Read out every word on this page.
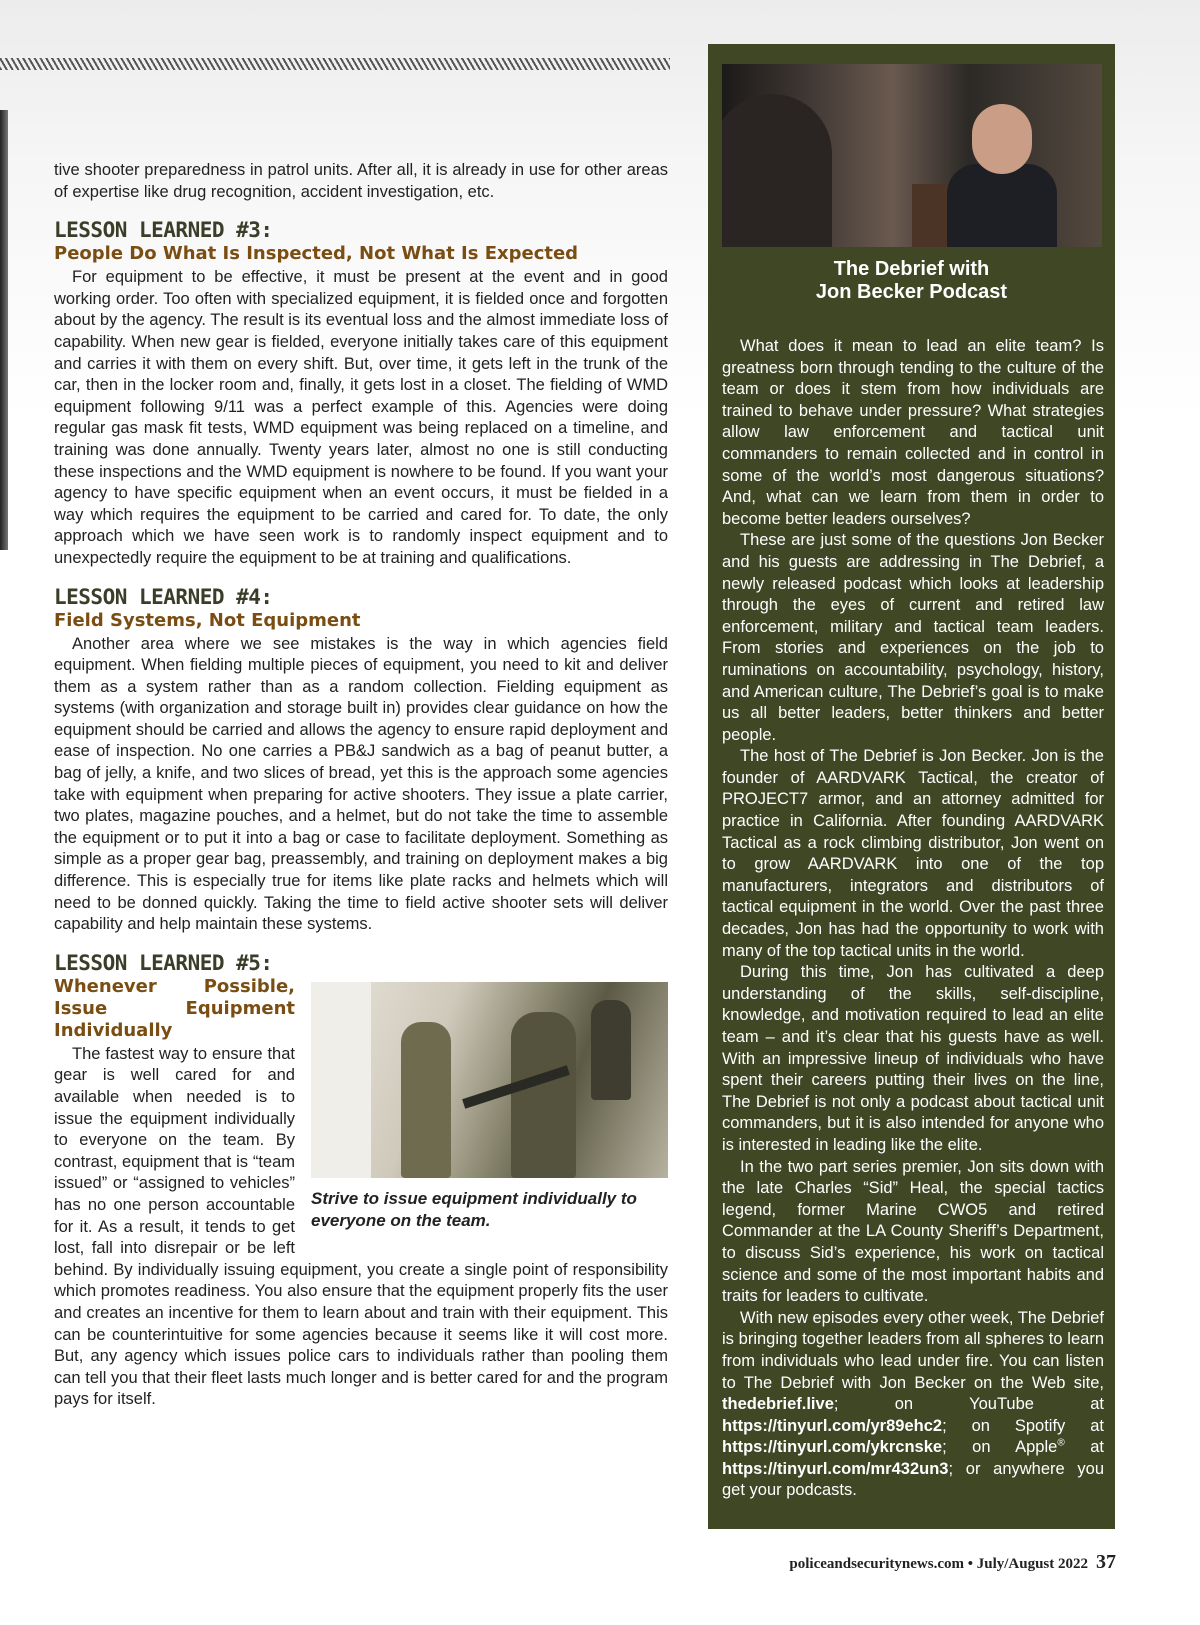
tive shooter preparedness in patrol units. After all, it is already in use for other areas of expertise like drug recognition, accident investigation, etc.

LESSON LEARNED #3:
People Do What Is Inspected, Not What Is Expected

For equipment to be effective, it must be present at the event and in good working order. Too often with specialized equipment, it is fielded once and forgotten about by the agency. The result is its eventual loss and the almost immediate loss of capability. When new gear is fielded, everyone initially takes care of this equipment and carries it with them on every shift. But, over time, it gets left in the trunk of the car, then in the locker room and, finally, it gets lost in a closet. The fielding of WMD equipment following 9/11 was a perfect example of this. Agencies were doing regular gas mask fit tests, WMD equipment was being replaced on a timeline, and training was done annually. Twenty years later, almost no one is still conducting these inspections and the WMD equipment is nowhere to be found. If you want your agency to have specific equipment when an event occurs, it must be fielded in a way which requires the equipment to be carried and cared for. To date, the only approach which we have seen work is to randomly inspect equipment and to unexpectedly require the equipment to be at training and qualifications.

LESSON LEARNED #4:
Field Systems, Not Equipment

Another area where we see mistakes is the way in which agencies field equipment. When fielding multiple pieces of equipment, you need to kit and deliver them as a system rather than as a random collection. Fielding equipment as systems (with organization and storage built in) provides clear guidance on how the equipment should be carried and allows the agency to ensure rapid deployment and ease of inspection. No one carries a PB&J sandwich as a bag of peanut butter, a bag of jelly, a knife, and two slices of bread, yet this is the approach some agencies take with equipment when preparing for active shooters. They issue a plate carrier, two plates, magazine pouches, and a helmet, but do not take the time to assemble the equipment or to put it into a bag or case to facilitate deployment. Something as simple as a proper gear bag, preassembly, and training on deployment makes a big difference. This is especially true for items like plate racks and helmets which will need to be donned quickly. Taking the time to field active shooter sets will deliver capability and help maintain these systems.

LESSON LEARNED #5:
Strive to issue equipment individually to everyone on the team.
Whenever Possible, Issue Equipment Individually

The fastest way to ensure that gear is well cared for and available when needed is to issue the equipment individually to everyone on the team. By contrast, equipment that is “team issued” or “assigned to vehicles” has no one person accountable for it. As a result, it tends to get lost, fall into disrepair or be left behind. By individually issuing equipment, you create a single point of responsibility which promotes readiness. You also ensure that the equipment properly fits the user and creates an incentive for them to learn about and train with their equipment. This can be counterintuitive for some agencies because it seems like it will cost more. But, any agency which issues police cars to individuals rather than pooling them can tell you that their fleet lasts much longer and is better cared for and the program pays for itself.

The Debrief with
Jon Becker Podcast

What does it mean to lead an elite team? Is greatness born through tending to the culture of the team or does it stem from how individuals are trained to behave under pressure? What strategies allow law enforcement and tactical unit commanders to remain collected and in control in some of the world’s most dangerous situations? And, what can we learn from them in order to become better leaders ourselves?

These are just some of the questions Jon Becker and his guests are addressing in The Debrief, a newly released podcast which looks at leadership through the eyes of current and retired law enforcement, military and tactical team leaders. From stories and experiences on the job to ruminations on accountability, psychology, history, and American culture, The Debrief’s goal is to make us all better leaders, better thinkers and better people.

The host of The Debrief is Jon Becker. Jon is the founder of AARDVARK Tactical, the creator of PROJECT7 armor, and an attorney admitted for practice in California. After founding AARDVARK Tactical as a rock climbing distributor, Jon went on to grow AARDVARK into one of the top manufacturers, integrators and distributors of tactical equipment in the world. Over the past three decades, Jon has had the opportunity to work with many of the top tactical units in the world.

During this time, Jon has cultivated a deep understanding of the skills, self-discipline, knowledge, and motivation required to lead an elite team – and it’s clear that his guests have as well. With an impressive lineup of individuals who have spent their careers putting their lives on the line, The Debrief is not only a podcast about tactical unit commanders, but it is also intended for anyone who is interested in leading like the elite.

In the two part series premier, Jon sits down with the late Charles “Sid” Heal, the special tactics legend, former Marine CWO5 and retired Commander at the LA County Sheriff’s Department, to discuss Sid’s experience, his work on tactical science and some of the most important habits and traits for leaders to cultivate.

With new episodes every other week, The Debrief is bringing together leaders from all spheres to learn from individuals who lead under fire. You can listen to The Debrief with Jon Becker on the Web site, thedebrief.live; on YouTube at https://tinyurl.com/yr89ehc2; on Spotify at https://tinyurl.com/ykrcnske; on Apple® at https://tinyurl.com/mr432un3; or anywhere you get your podcasts.

policeandsecuritynews.com • July/August 2022 37
